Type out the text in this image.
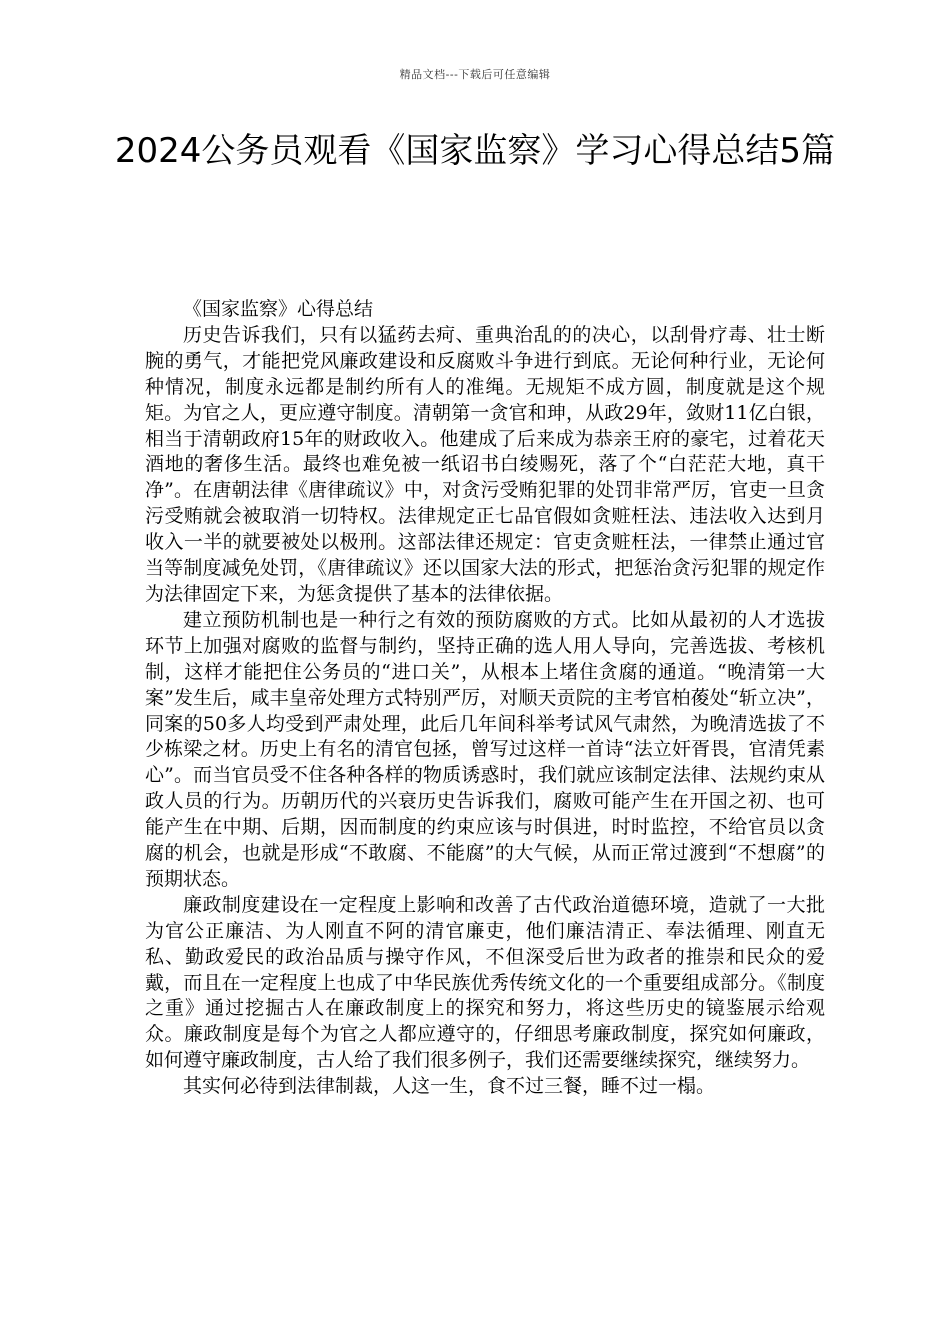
精品文档---下载后可任意编辑
2024公务员观看《国家监察》学习心得总结5篇

《国家监察》心得总结

历史告诉我们，只有以猛药去疴、重典治乱的的决心，以刮骨疗毒、壮士断腕的勇气，才能把党风廉政建设和反腐败斗争进行到底。无论何种行业，无论何种情况，制度永远都是制约所有人的准绳。无规矩不成方圆，制度就是这个规矩。为官之人，更应遵守制度。清朝第一贪官和珅，从政29年，敛财11亿白银，相当于清朝政府15年的财政收入。他建成了后来成为恭亲王府的豪宅，过着花天酒地的奢侈生活。最终也难免被一纸诏书白绫赐死，落了个“白茫茫大地，真干净”。在唐朝法律《唐律疏议》中，对贪污受贿犯罪的处罚非常严厉，官吏一旦贪污受贿就会被取消一切特权。法律规定正七品官假如贪赃枉法、违法收入达到月收入一半的就要被处以极刑。这部法律还规定：官吏贪赃枉法，一律禁止通过官当等制度减免处罚，《唐律疏议》还以国家大法的形式，把惩治贪污犯罪的规定作为法律固定下来，为惩贪提供了基本的法律依据。

建立预防机制也是一种行之有效的预防腐败的方式。比如从最初的人才选拔环节上加强对腐败的监督与制约，坚持正确的选人用人导向，完善选拔、考核机制，这样才能把住公务员的“进口关”，从根本上堵住贪腐的通道。“晚清第一大案”发生后，咸丰皇帝处理方式特别严厉，对顺天贡院的主考官柏葰处“斩立决”，同案的50多人均受到严肃处理，此后几年间科举考试风气肃然，为晚清选拔了不少栋梁之材。历史上有名的清官包拯，曾写过这样一首诗“法立奸胥畏，官清凭素心”。而当官员受不住各种各样的物质诱惑时，我们就应该制定法律、法规约束从政人员的行为。历朝历代的兴衰历史告诉我们，腐败可能产生在开国之初、也可能产生在中期、后期，因而制度的约束应该与时俱进，时时监控，不给官员以贪腐的机会，也就是形成“不敢腐、不能腐”的大气候，从而正常过渡到“不想腐”的预期状态。

廉政制度建设在一定程度上影响和改善了古代政治道德环境，造就了一大批为官公正廉洁、为人刚直不阿的清官廉吏，他们廉洁清正、奉法循理、刚直无私、勤政爱民的政治品质与操守作风，不但深受后世为政者的推崇和民众的爱戴，而且在一定程度上也成了中华民族优秀传统文化的一个重要组成部分。《制度之重》通过挖掘古人在廉政制度上的探究和努力，将这些历史的镜鉴展示给观众。廉政制度是每个为官之人都应遵守的，仔细思考廉政制度，探究如何廉政，如何遵守廉政制度，古人给了我们很多例子，我们还需要继续探究，继续努力。

其实何必待到法律制裁，人这一生，食不过三餐，睡不过一榻。
